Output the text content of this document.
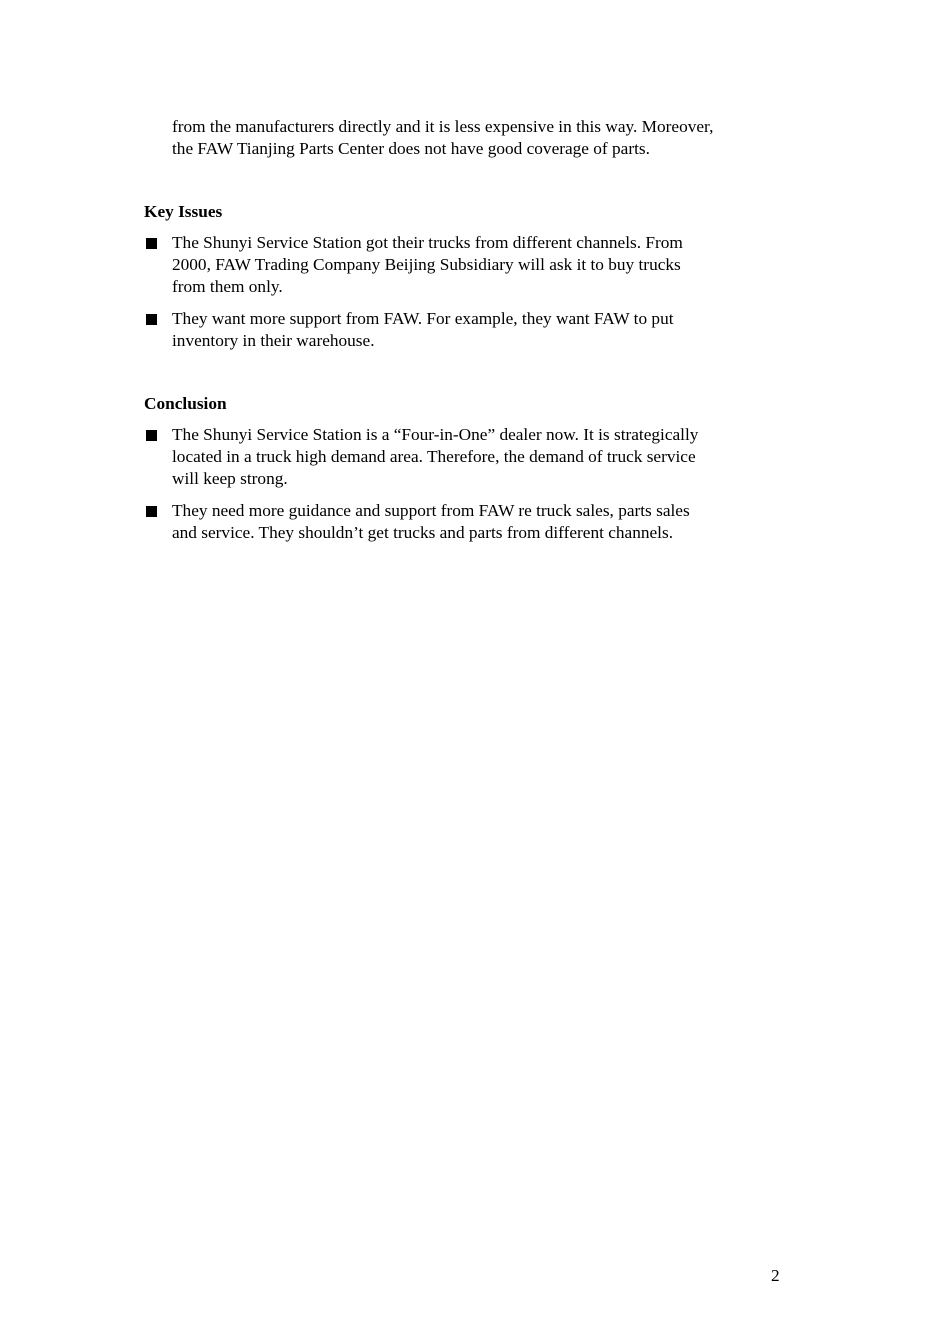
from the manufacturers directly and it is less expensive in this way. Moreover,
the FAW Tianjing Parts Center does not have good coverage of parts.
Key Issues
The Shunyi Service Station got their trucks from different channels. From
2000, FAW Trading Company Beijing Subsidiary will ask it to buy trucks
from them only.
They want more support from FAW. For example, they want FAW to put
inventory in their warehouse.
Conclusion
The Shunyi Service Station is a “Four-in-One” dealer now. It is strategically
located in a truck high demand area. Therefore, the demand of truck service
will keep strong.
They need more guidance and support from FAW re truck sales, parts sales
and service. They shouldn’t get trucks and parts from different channels.
2
